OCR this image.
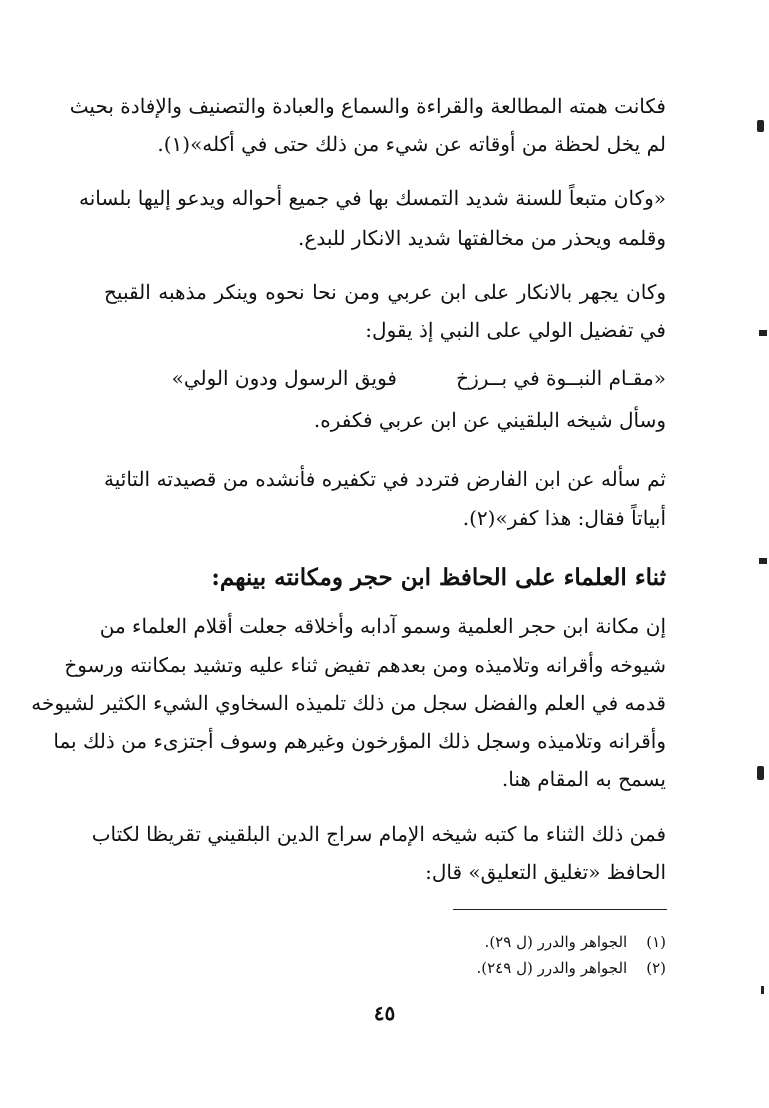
فكانت همته المطالعة والقراءة والسماع والعبادة والتصنيف والإفادة بحيث
لم يخل لحظة من أوقاته عن شيء من ذلك حتى في أكله»(١).
«وكان متبعاً للسنة شديد التمسك بها في جميع أحواله ويدعو إليها بلسانه
وقلمه ويحذر من مخالفتها شديد الانكار للبدع.
وكان يجهر بالانكار على ابن عربي ومن نحا نحوه وينكر مذهبه القبيح
في تفضيل الولي على النبي إذ يقول:
«مقـام النبــوة في بــرزخ
فويق الرسول ودون الولي»
وسأل شيخه البلقيني عن ابن عربي فكفره.
ثم سأله عن ابن الفارض فتردد في تكفيره فأنشده من قصيدته التائية
أبياتاً فقال: هذا كفر»(٢).
ثناء العلماء على الحافظ ابن حجر ومكانته بينهم:
إن مكانة ابن حجر العلمية وسمو آدابه وأخلاقه جعلت أقلام العلماء من
شيوخه وأقرانه وتلاميذه ومن بعدهم تفيض ثناء عليه وتشيد بمكانته ورسوخ
قدمه في العلم والفضل سجل من ذلك تلميذه السخاوي الشيء الكثير لشيوخه
وأقرانه وتلاميذه وسجل ذلك المؤرخون وغيرهم وسوف أجتزىء من ذلك بما
يسمح به المقام هنا.
فمن ذلك الثناء ما كتبه شيخه الإمام سراج الدين البلقيني تقريظا لكتاب
الحافظ «تغليق التعليق» قال:
(١) الجواهر والدرر (ل ٢٩).
(٢) الجواهر والدرر (ل ٢٤٩).
٤٥
